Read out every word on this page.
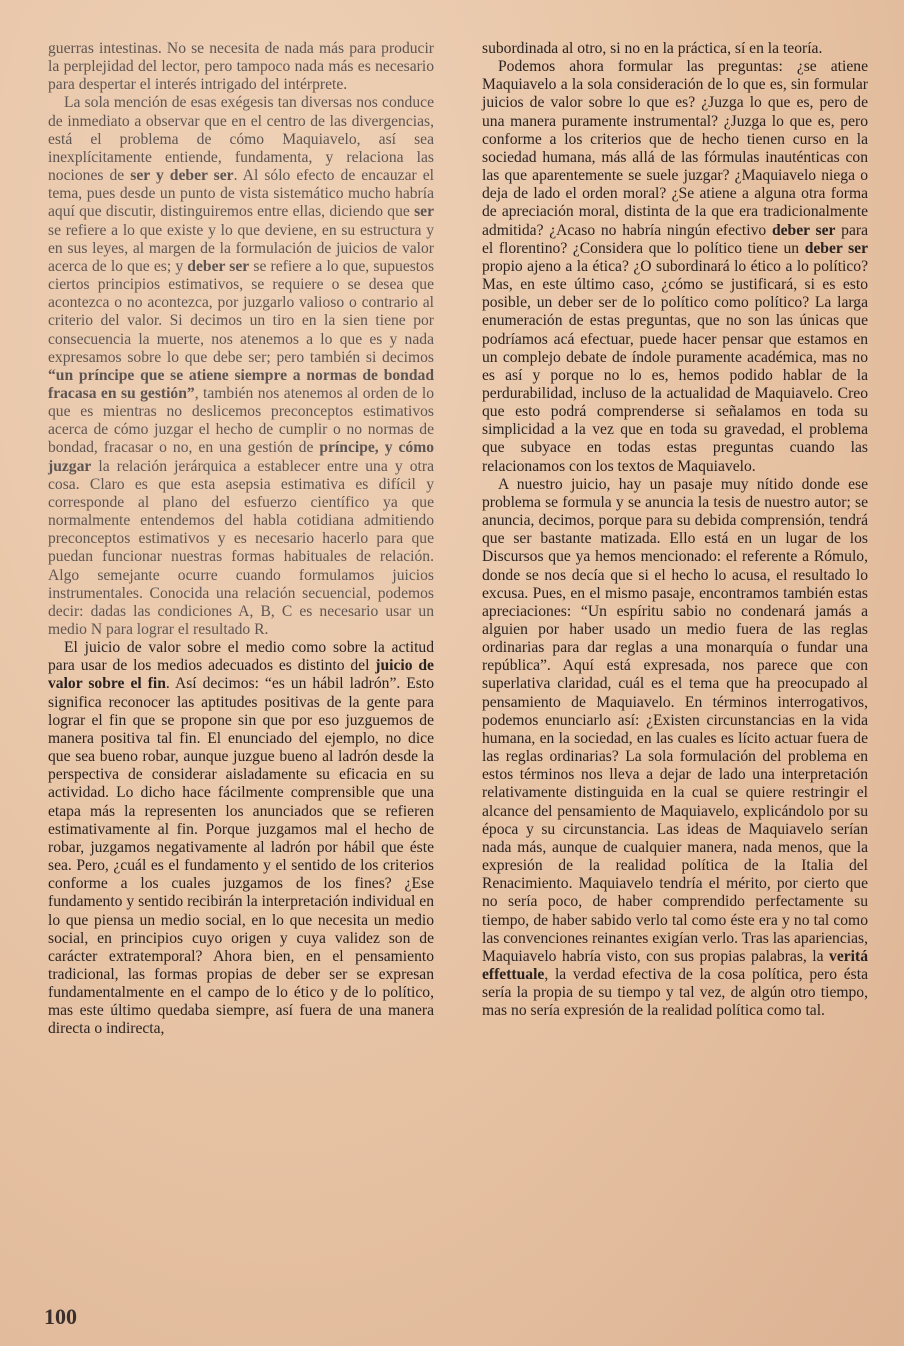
guerras intestinas. No se necesita de nada más para producir la perplejidad del lector, pero tampoco nada más es necesario para despertar el interés intrigado del intérprete.

La sola mención de esas exégesis tan diversas nos conduce de inmediato a observar que en el centro de las divergencias, está el problema de cómo Maquiavelo, así sea inexplícitamente entiende, fundamenta, y relaciona las nociones de ser y deber ser. Al sólo efecto de encauzar el tema, pues desde un punto de vista sistemático mucho habría aquí que discutir, distinguiremos entre ellas, diciendo que ser se refiere a lo que existe y lo que deviene, en su estructura y en sus leyes, al margen de la formulación de juicios de valor acerca de lo que es; y deber ser se refiere a lo que, supuestos ciertos principios estimativos, se requiere o se desea que acontezca o no acontezca, por juzgarlo valioso o contrario al criterio del valor. Si decimos un tiro en la sien tiene por consecuencia la muerte, nos atenemos a lo que es y nada expresamos sobre lo que debe ser; pero también si decimos “un príncipe que se atiene siempre a normas de bondad fracasa en su gestión”, también nos atenemos al orden de lo que es mientras no deslicemos preconceptos estimativos acerca de cómo juzgar el hecho de cumplir o no normas de bondad, fracasar o no, en una gestión de príncipe, y cómo juzgar la relación jerárquica a establecer entre una y otra cosa. Claro es que esta asepsia estimativa es difícil y corresponde al plano del esfuerzo científico ya que normalmente entendemos del habla cotidiana admitiendo preconceptos estimativos y es necesario hacerlo para que puedan funcionar nuestras formas habituales de relación. Algo semejante ocurre cuando formulamos juicios instrumentales. Conocida una relación secuencial, podemos decir: dadas las condiciones A, B, C es necesario usar un medio N para lograr el resultado R.

El juicio de valor sobre el medio como sobre la actitud para usar de los medios adecuados es distinto del juicio de valor sobre el fin. Así decimos: “es un hábil ladrón”. Esto significa reconocer las aptitudes positivas de la gente para lograr el fin que se propone sin que por eso juzguemos de manera positiva tal fin. El enunciado del ejemplo, no dice que sea bueno robar, aunque juzgue bueno al ladrón desde la perspectiva de considerar aisladamente su eficacia en su actividad. Lo dicho hace fácilmente comprensible que una etapa más la representen los anunciados que se refieren estimativamente al fin. Porque juzgamos mal el hecho de robar, juzgamos negativamente al ladrón por hábil que éste sea. Pero, ¿cuál es el fundamento y el sentido de los criterios conforme a los cuales juzgamos de los fines? ¿Ese fundamento y sentido recibirán la interpretación individual en lo que piensa un medio social, en lo que necesita un medio social, en principios cuyo origen y cuya validez son de carácter extratemporal? Ahora bien, en el pensamiento tradicional, las formas propias de deber ser se expresan fundamentalmente en el campo de lo ético y de lo político, mas este último quedaba siempre, así fuera de una manera directa o indirecta,

subordinada al otro, si no en la práctica, sí en la teoría.

Podemos ahora formular las preguntas: ¿se atiene Maquiavelo a la sola consideración de lo que es, sin formular juicios de valor sobre lo que es? ¿Juzga lo que es, pero de una manera puramente instrumental? ¿Juzga lo que es, pero conforme a los criterios que de hecho tienen curso en la sociedad humana, más allá de las fórmulas inauténticas con las que aparentemente se suele juzgar? ¿Maquiavelo niega o deja de lado el orden moral? ¿Se atiene a alguna otra forma de apreciación moral, distinta de la que era tradicionalmente admitida? ¿Acaso no habría ningún efectivo deber ser para el florentino? ¿Considera que lo político tiene un deber ser propio ajeno a la ética? ¿O subordinará lo ético a lo político? Mas, en este último caso, ¿cómo se justificará, si es esto posible, un deber ser de lo político como político? La larga enumeración de estas preguntas, que no son las únicas que podríamos acá efectuar, puede hacer pensar que estamos en un complejo debate de índole puramente académica, mas no es así y porque no lo es, hemos podido hablar de la perdurabilidad, incluso de la actualidad de Maquiavelo. Creo que esto podrá comprenderse si señalamos en toda su simplicidad a la vez que en toda su gravedad, el problema que subyace en todas estas preguntas cuando las relacionamos con los textos de Maquiavelo.

A nuestro juicio, hay un pasaje muy nítido donde ese problema se formula y se anuncia la tesis de nuestro autor; se anuncia, decimos, porque para su debida comprensión, tendrá que ser bastante matizada. Ello está en un lugar de los Discursos que ya hemos mencionado: el referente a Rómulo, donde se nos decía que si el hecho lo acusa, el resultado lo excusa. Pues, en el mismo pasaje, encontramos también estas apreciaciones: “Un espíritu sabio no condenará jamás a alguien por haber usado un medio fuera de las reglas ordinarias para dar reglas a una monarquía o fundar una república”. Aquí está expresada, nos parece que con superlativa claridad, cuál es el tema que ha preocupado al pensamiento de Maquiavelo. En términos interrogativos, podemos enunciarlo así: ¿Existen circunstancias en la vida humana, en la sociedad, en las cuales es lícito actuar fuera de las reglas ordinarias? La sola formulación del problema en estos términos nos lleva a dejar de lado una interpretación relativamente distinguida en la cual se quiere restringir el alcance del pensamiento de Maquiavelo, explicándolo por su época y su circunstancia. Las ideas de Maquiavelo serían nada más, aunque de cualquier manera, nada menos, que la expresión de la realidad política de la Italia del Renacimiento. Maquiavelo tendría el mérito, por cierto que no sería poco, de haber comprendido perfectamente su tiempo, de haber sabido verlo tal como éste era y no tal como las convenciones reinantes exigían verlo. Tras las apariencias, Maquiavelo habría visto, con sus propias palabras, la veritá effettuale, la verdad efectiva de la cosa política, pero ésta sería la propia de su tiempo y tal vez, de algún otro tiempo, mas no sería expresión de la realidad política como tal.

100
